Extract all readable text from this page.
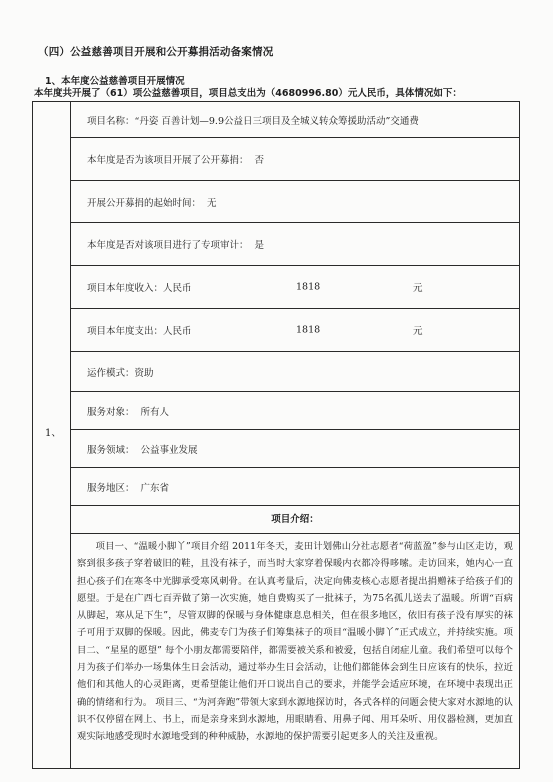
（四）公益慈善项目开展和公开募捐活动备案情况
1、本年度公益慈善项目开展情况
本年度共开展了（61）项公益慈善项目，项目总支出为（4680996.80）元人民币，具体情况如下：
1、
项目名称：“丹姿 百善计划—9.9公益日三项目及全城义转众筹援助活动”交通费
本年度是否为该项目开展了公开募捐： 否
开展公开募捐的起始时间： 无
本年度是否对该项目进行了专项审计： 是
项目本年度收入：人民币	1818	元
项目本年度支出：人民币	1818	元
运作模式：资助
服务对象： 所有人
服务领域： 公益事业发展
服务地区： 广东省
项目介绍：
项目一、“温暖小脚丫”项目介绍 2011年冬天，麦田计划佛山分社志愿者“荷蓝盈”参与山区走访，观察到很多孩子穿着破旧的鞋，且没有袜子，而当时大家穿着保暖内衣都冷得哆嗦。走访回来，她内心一直担心孩子们在寒冬中光脚承受寒风刺骨。在认真考量后，决定向佛麦核心志愿者提出捐赠袜子给孩子们的愿望。于是在广西七百弄做了第一次实施，她自费购买了一批袜子，为75名孤儿送去了温暖。所谓“百病从脚起，寒从足下生”，尽管双脚的保暖与身体健康息息相关，但在很多地区，依旧有孩子没有厚实的袜子可用于双脚的保暖。因此，佛麦专门为孩子们筹集袜子的项目“温暖小脚丫”正式成立，并持续实施。项目二、“星星的愿望” 每个小朋友都需要陪伴，都需要被关系和被爱，包括自闭症儿童。我们希望可以每个月为孩子们举办一场集体生日会活动，通过举办生日会活动，让他们都能体会到生日应该有的快乐，拉近他们和其他人的心灵距离，更希望能让他们开口说出自己的要求，并能学会适应环境，在环境中表现出正确的情绪和行为。 项目三、“为河奔跑”带领大家到水源地探访时，各式各样的问题会使大家对水源地的认识不仅停留在网上、书上，而是亲身来到水源地，用眼睛看、用鼻子闻、用耳朵听、用仪器检测，更加直观实际地感受现时水源地受到的种种威胁，水源地的保护需要引起更多人的关注及重视。
